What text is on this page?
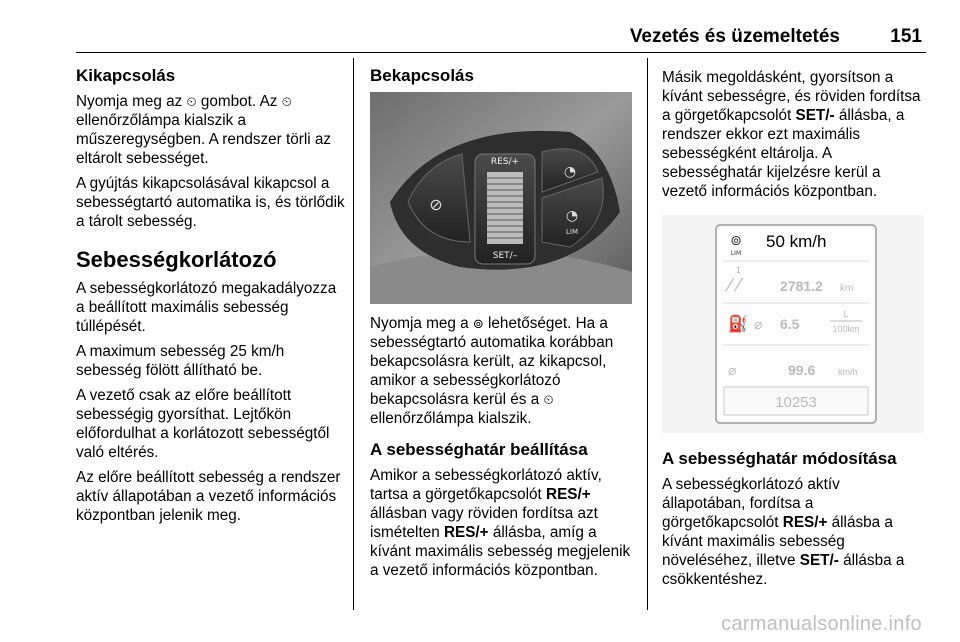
Vezetés és üzemeltetés	151
Kikapcsolás

Nyomja meg az ⏲ gombot. Az ⏲ ellenőrzőlámpa kialszik a műszeregységben. A rendszer törli az eltárolt sebességet.

A gyújtás kikapcsolásával kikapcsol a sebességtartó automatika is, és törlődik a tárolt sebesség.

Sebességkorlátozó

A sebességkorlátozó megakadályozza a beállított maximális sebesség túllépését.

A maximum sebesség 25 km/h sebesség fölött állítható be.

A vezető csak az előre beállított sebességig gyorsíthat. Lejtőkön előfordulhat a korlátozott sebességtől való eltérés.

Az előre beállított sebesség a rendszer aktív állapotában a vezető információs központban jelenik meg.

Bekapcsolás
⊘
RES/+
SET/–
◔
◔
LIM

Nyomja meg a ⊚ lehetőséget. Ha a sebességtartó automatika korábban bekapcsolásra került, az kikapcsol, amikor a sebességkorlátozó bekapcsolásra kerül és a ⏲ ellenőrzőlámpa kialszik.

A sebességhatár beállítása

Amikor a sebességkorlátozó aktív, tartsa a görgetőkapcsolót RES/+ állásban vagy röviden fordítsa azt ismételten RES/+ állásba, amíg a kívánt maximális sebesség megjelenik a vezető információs központban.

Másik megoldásként, gyorsítson a kívánt sebességre, és röviden fordítsa a görgetőkapcsolót SET/- állásba, a rendszer ekkor ezt maximális sebességként eltárolja. A sebességhatár kijelzésre kerül a vezető információs központban.

⊚
LIM
50 km/h
1
⁄ ⁄	2781.2 km
⛽ ⌀ 6.5
L
100km
⌀	99.6	km/h
10253
A sebességhatár módosítása

A sebességkorlátozó aktív állapotában, fordítsa a görgetőkapcsolót RES/+ állásba a kívánt maximális sebesség növeléséhez, illetve SET/- állásba a csökkentéshez.

carmanualsonline.info
